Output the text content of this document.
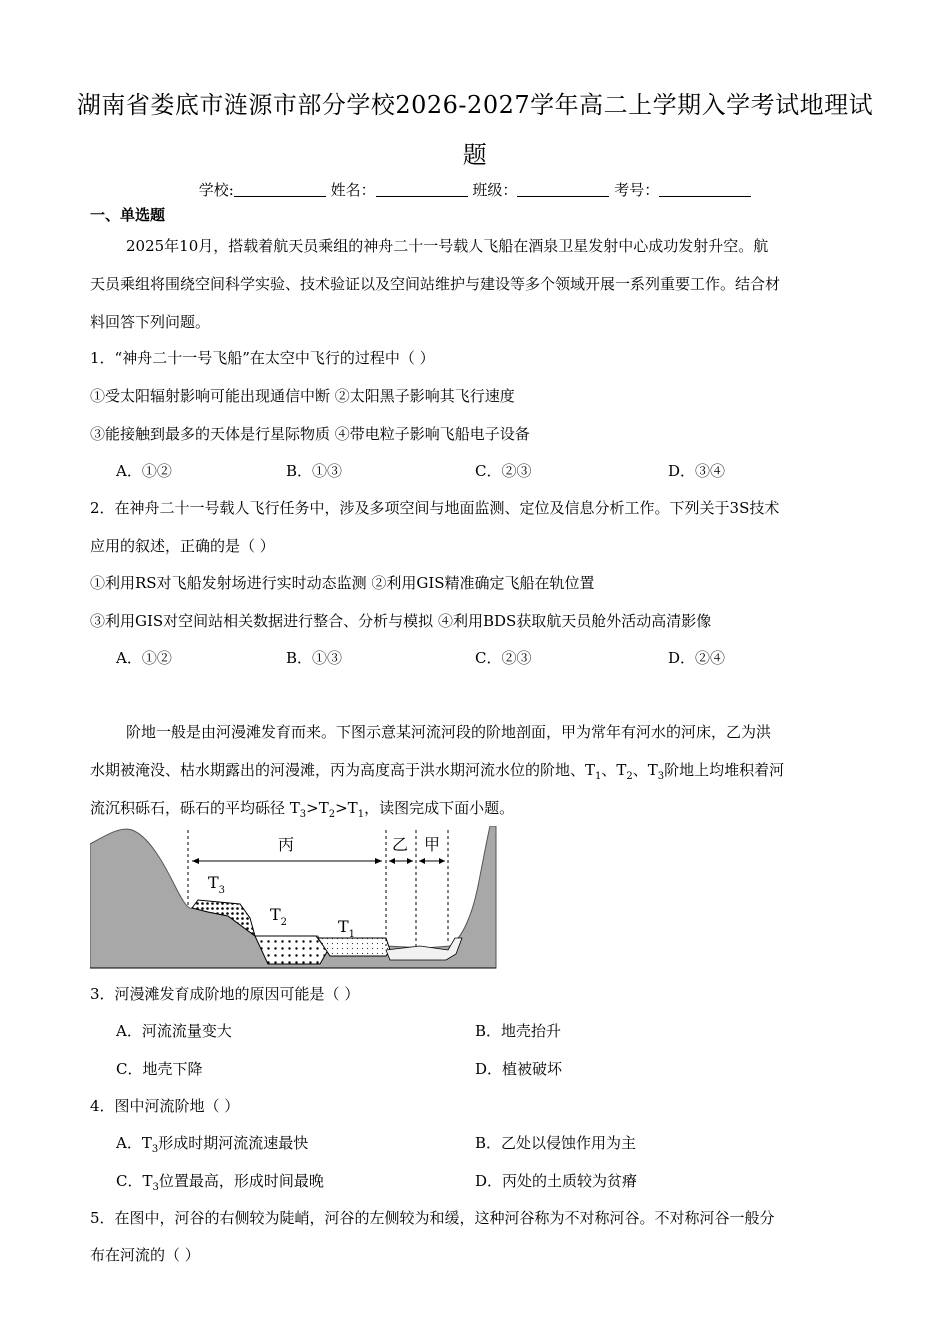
湖南省娄底市涟源市部分学校2026-2027学年高二上学期入学考试地理试
题
学校:	姓名：	班级：	考号：
一、单选题
2025年10月，搭载着航天员乘组的神舟二十一号载人飞船在酒泉卫星发射中心成功发射升空。航
天员乘组将围绕空间科学实验、技术验证以及空间站维护与建设等多个领域开展一系列重要工作。结合材
料回答下列问题。
1．“神舟二十一号飞船”在太空中飞行的过程中（ ）
①受太阳辐射影响可能出现通信中断 ②太阳黑子影响其飞行速度
③能接触到最多的天体是行星际物质 ④带电粒子影响飞船电子设备
A．①②	B．①③	C．②③	D．③④
2．在神舟二十一号载人飞行任务中，涉及多项空间与地面监测、定位及信息分析工作。下列关于3S技术
应用的叙述，正确的是（ ）
①利用RS对飞船发射场进行实时动态监测 ②利用GIS精准确定飞船在轨位置
③利用GIS对空间站相关数据进行整合、分析与模拟 ④利用BDS获取航天员舱外活动高清影像
A．①②	B．①③	C．②③	D．②④
阶地一般是由河漫滩发育而来。下图示意某河流河段的阶地剖面，甲为常年有河水的河床，乙为洪
水期被淹没、枯水期露出的河漫滩，丙为高度高于洪水期河流水位的阶地、$T_1$、$T_2$、$T_3$阶地上均堆积着河
流沉积砾石，砾石的平均砾径 $T_3>T_2>T_1$，读图完成下面小题。
丙	乙 甲
$T_3$
$T_2$	$T_1$
3．河漫滩发育成阶地的原因可能是（ ）
A．河流流量变大	B．地壳抬升
C．地壳下降	D．植被破坏
4．图中河流阶地（ ）
A．$T_3$形成时期河流流速最快	B．乙处以侵蚀作用为主
C．$T_3$位置最高，形成时间最晚	D．丙处的土质较为贫瘠
5．在图中，河谷的右侧较为陡峭，河谷的左侧较为和缓，这种河谷称为不对称河谷。不对称河谷一般分
布在河流的（ ）
